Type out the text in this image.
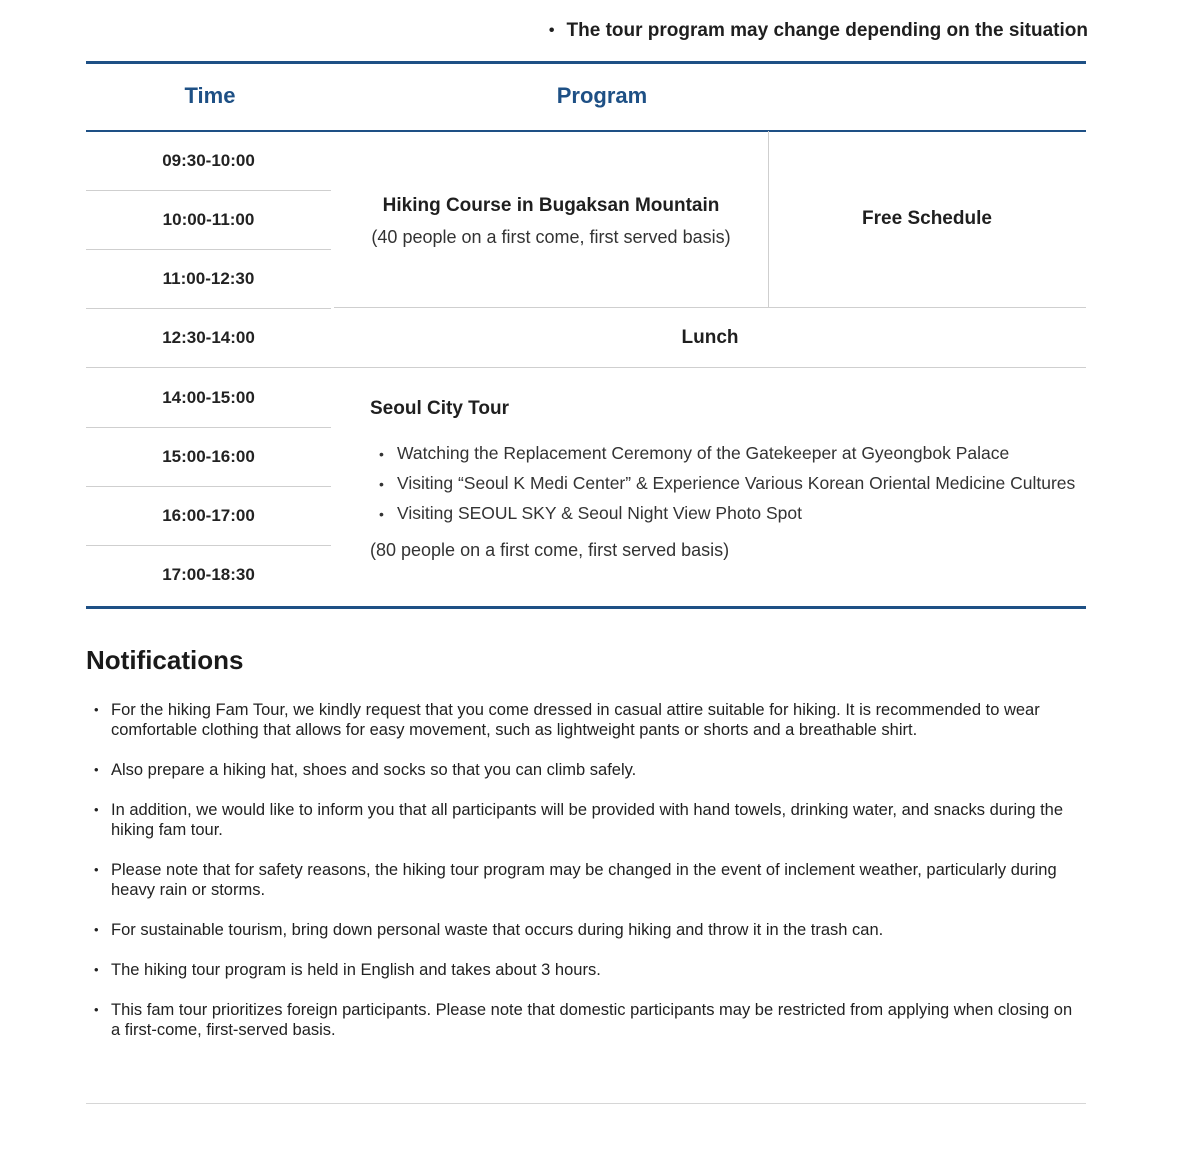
• The tour program may change depending on the situation
Time	Program
09:30-10:00
10:00-11:00
11:00-12:30
12:30-14:00
14:00-15:00
15:00-16:00
16:00-17:00
17:00-18:30
Hiking Course in Bugaksan Mountain
(40 people on a first come, first served basis)
Free Schedule
Lunch
Seoul City Tour
• Watching the Replacement Ceremony of the Gatekeeper at Gyeongbok Palace
• Visiting “Seoul K Medi Center” & Experience Various Korean Oriental Medicine Cultures
• Visiting SEOUL SKY & Seoul Night View Photo Spot
(80 people on a first come, first served basis)
Notifications
• For the hiking Fam Tour, we kindly request that you come dressed in casual attire suitable for hiking. It is recommended to wear comfortable clothing that allows for easy movement, such as lightweight pants or shorts and a breathable shirt.
• Also prepare a hiking hat, shoes and socks so that you can climb safely.
• In addition, we would like to inform you that all participants will be provided with hand towels, drinking water, and snacks during the hiking fam tour.
• Please note that for safety reasons, the hiking tour program may be changed in the event of inclement weather, particularly during heavy rain or storms.
• For sustainable tourism, bring down personal waste that occurs during hiking and throw it in the trash can.
• The hiking tour program is held in English and takes about 3 hours.
• This fam tour prioritizes foreign participants. Please note that domestic participants may be restricted from applying when closing on a first-come, first-served basis.
